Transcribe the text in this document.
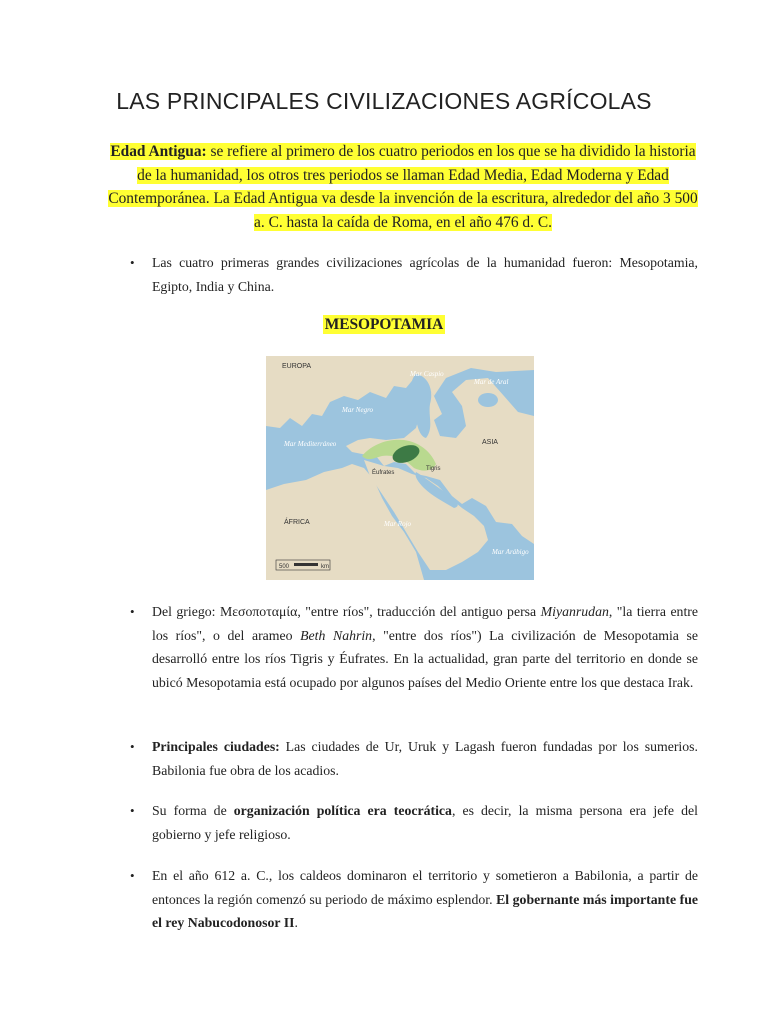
LAS PRINCIPALES CIVILIZACIONES AGRÍCOLAS
Edad Antigua: se refiere al primero de los cuatro periodos en los que se ha dividido la historia de la humanidad, los otros tres periodos se llaman Edad Media, Edad Moderna y Edad Contemporánea. La Edad Antigua va desde la invención de la escritura, alrededor del año 3 500 a. C. hasta la caída de Roma, en el año 476 d. C.
• Las cuatro primeras grandes civilizaciones agrícolas de la humanidad fueron: Mesopotamia, Egipto, India y China.
MESOPOTAMIA
EUROPA
Mar Caspio
Mar de Aral
Mar Negro
Mar Mediterráneo	ASIA
Éufrates
Tigris
ÁFRICA	Mar Rojo
Mar Arábigo
500	km
• Del griego: Μεσοποταμία, "entre ríos", traducción del antiguo persa Miyanrudan, "la tierra entre los ríos", o del arameo Beth Nahrin, "entre dos ríos") La civilización de Mesopotamia se desarrolló entre los ríos Tigris y Éufrates. En la actualidad, gran parte del territorio en donde se ubicó Mesopotamia está ocupado por algunos países del Medio Oriente entre los que destaca Irak.
• Principales ciudades: Las ciudades de Ur, Uruk y Lagash fueron fundadas por los sumerios. Babilonia fue obra de los acadios.
• Su forma de organización política era teocrática, es decir, la misma persona era jefe del gobierno y jefe religioso.
• En el año 612 a. C., los caldeos dominaron el territorio y sometieron a Babilonia, a partir de entonces la región comenzó su periodo de máximo esplendor. El gobernante más importante fue el rey Nabucodonosor II.
